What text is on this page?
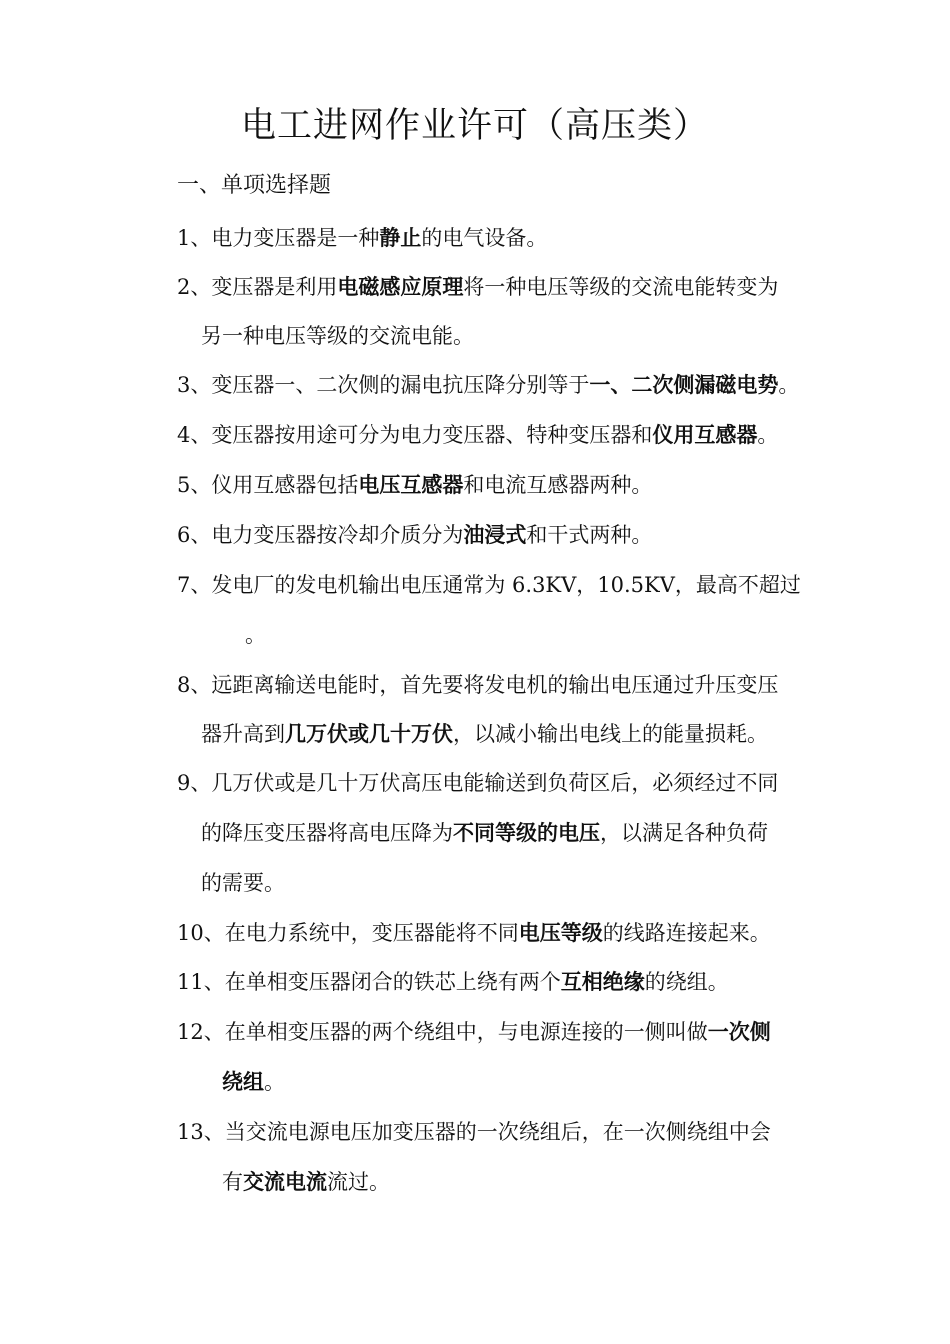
电工进网作业许可（高压类）
一、单项选择题
1、电力变压器是一种静止的电气设备。
2、变压器是利用电磁感应原理将一种电压等级的交流电能转变为
另一种电压等级的交流电能。
3、变压器一、二次侧的漏电抗压降分别等于一、二次侧漏磁电势。
4、变压器按用途可分为电力变压器、特种变压器和仪用互感器。
5、仪用互感器包括电压互感器和电流互感器两种。
6、电力变压器按冷却介质分为油浸式和干式两种。
7、发电厂的发电机输出电压通常为 6.3KV，10.5KV，最高不超过
。
8、远距离输送电能时，首先要将发电机的输出电压通过升压变压
器升高到几万伏或几十万伏，以减小输出电线上的能量损耗。
9、几万伏或是几十万伏高压电能输送到负荷区后，必须经过不同
的降压变压器将高电压降为不同等级的电压，以满足各种负荷
的需要。
10、在电力系统中，变压器能将不同电压等级的线路连接起来。
11、在单相变压器闭合的铁芯上绕有两个互相绝缘的绕组。
12、在单相变压器的两个绕组中，与电源连接的一侧叫做一次侧
绕组。
13、当交流电源电压加变压器的一次绕组后，在一次侧绕组中会
有交流电流流过。
